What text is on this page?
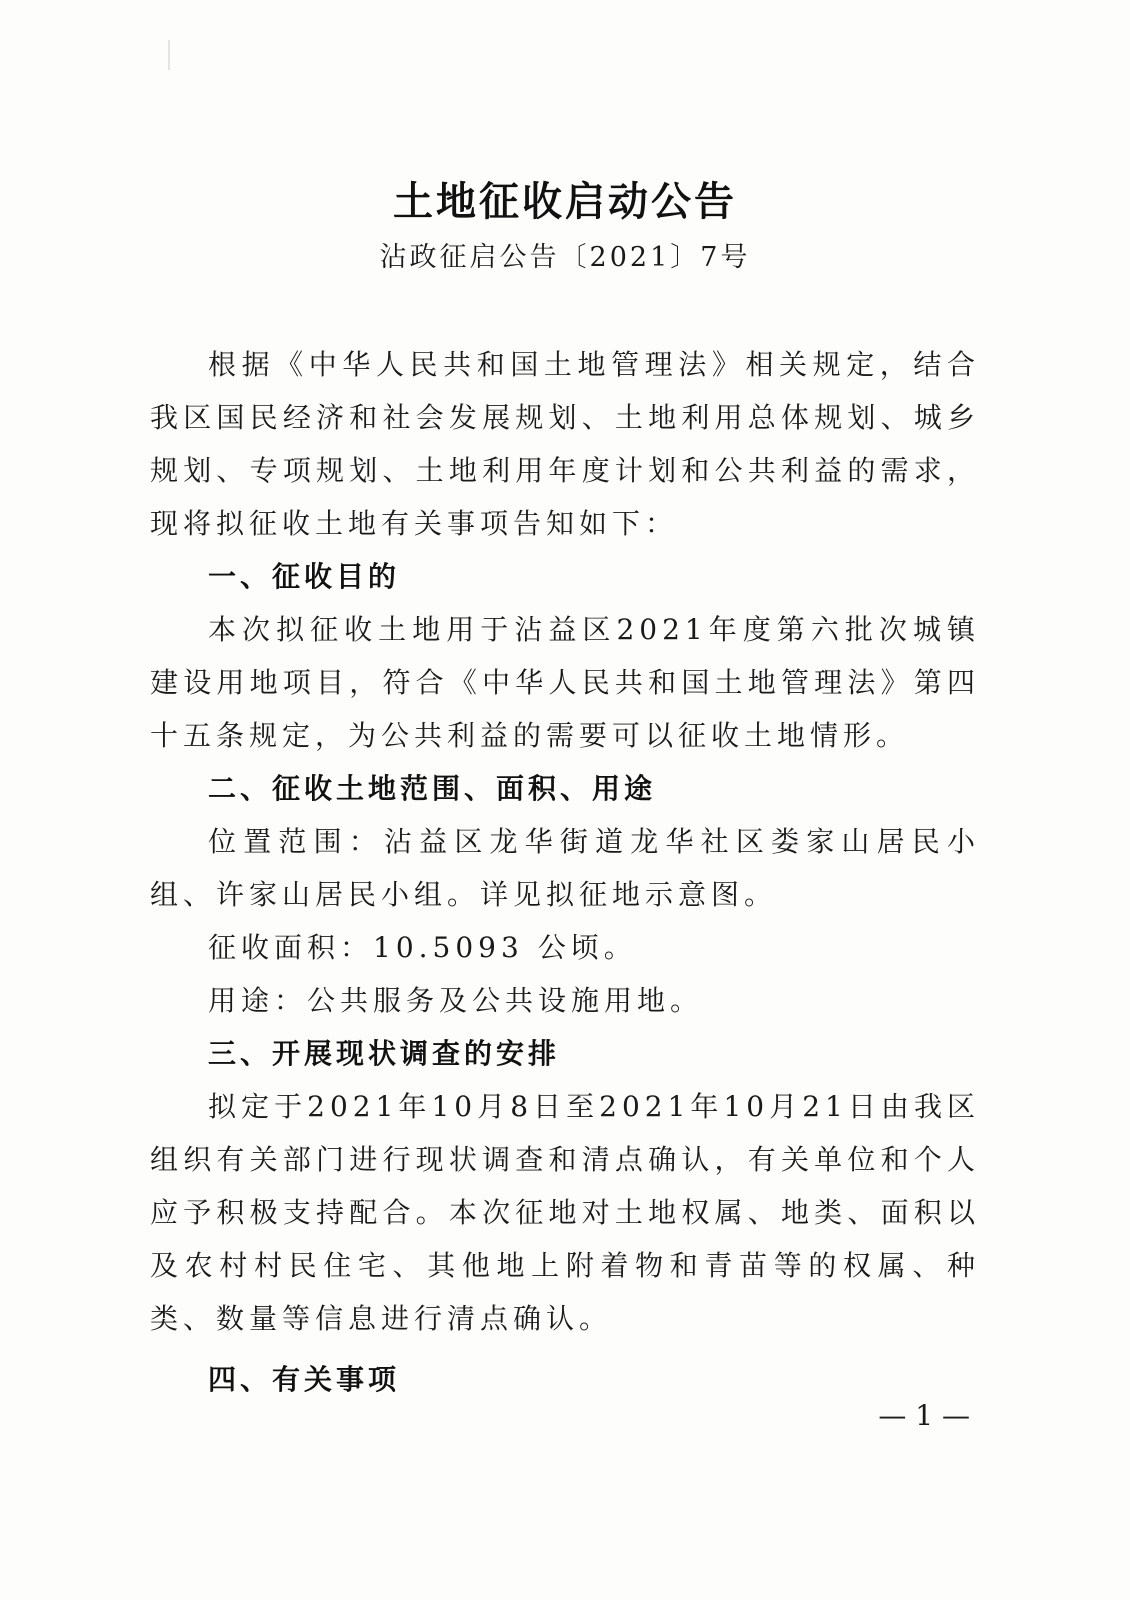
土地征收启动公告
沾政征启公告〔2021〕7号

根据《中华人民共和国土地管理法》相关规定，结合我区国民经济和社会发展规划、土地利用总体规划、城乡规划、专项规划、土地利用年度计划和公共利益的需求，现将拟征收土地有关事项告知如下：

一、征收目的

本次拟征收土地用于沾益区2021年度第六批次城镇建设用地项目，符合《中华人民共和国土地管理法》第四十五条规定，为公共利益的需要可以征收土地情形。

二、征收土地范围、面积、用途

位置范围：沾益区龙华街道龙华社区娄家山居民小组、许家山居民小组。详见拟征地示意图。

征收面积：10.5093 公顷。

用途：公共服务及公共设施用地。

三、开展现状调查的安排

拟定于2021年10月8日至2021年10月21日由我区组织有关部门进行现状调查和清点确认，有关单位和个人应予积极支持配合。本次征地对土地权属、地类、面积以及农村村民住宅、其他地上附着物和青苗等的权属、种类、数量等信息进行清点确认。

四、有关事项

— 1 —
